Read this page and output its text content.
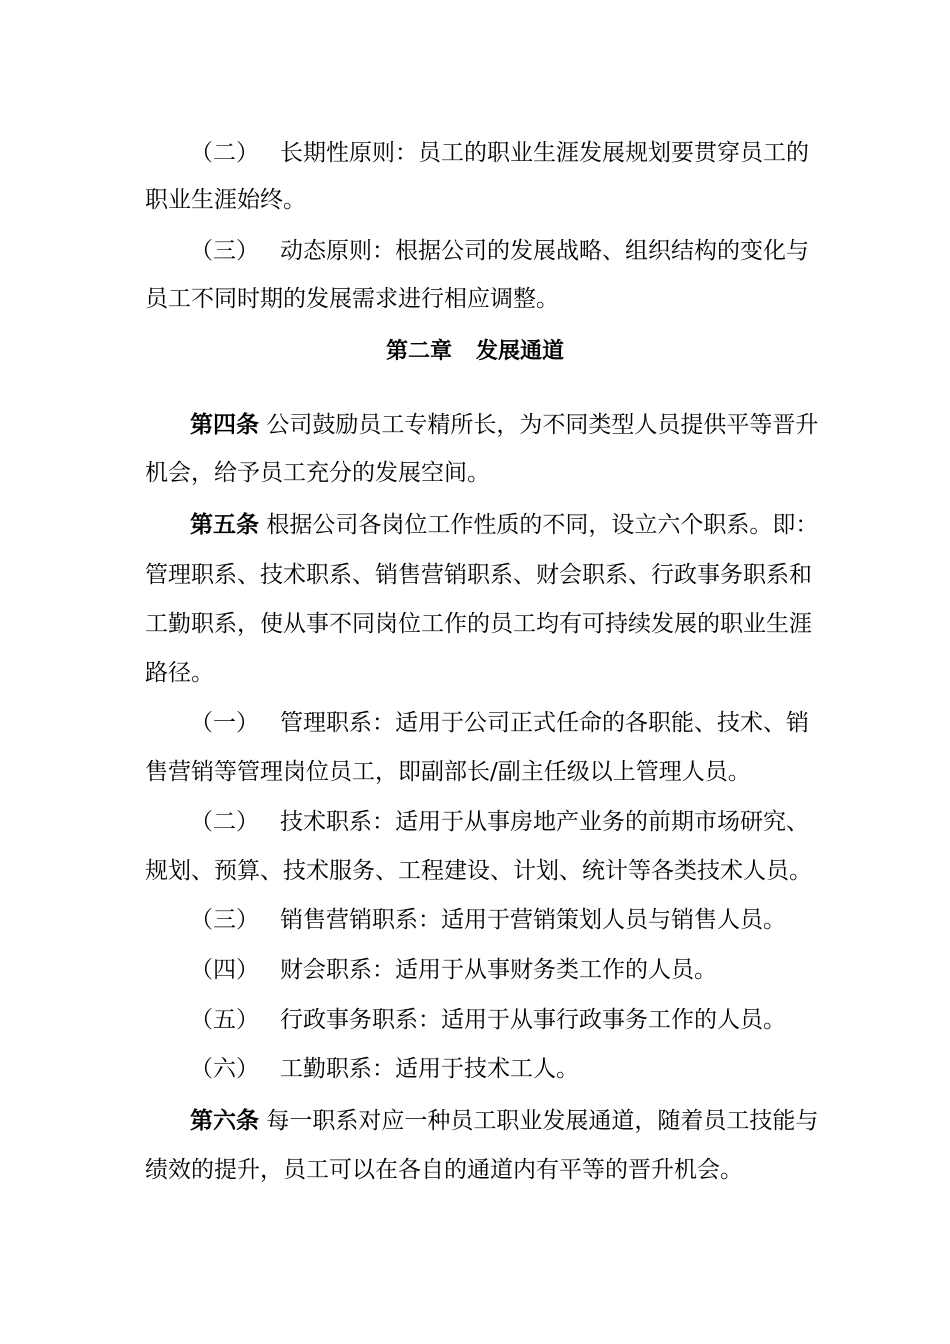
（二） 长期性原则：员工的职业生涯发展规划要贯穿员工的
职业生涯始终。
（三） 动态原则：根据公司的发展战略、组织结构的变化与
员工不同时期的发展需求进行相应调整。
第二章 发展通道
第四条 公司鼓励员工专精所长，为不同类型人员提供平等晋升
机会，给予员工充分的发展空间。
第五条 根据公司各岗位工作性质的不同，设立六个职系。即：
管理职系、技术职系、销售营销职系、财会职系、行政事务职系和
工勤职系，使从事不同岗位工作的员工均有可持续发展的职业生涯
路径。
（一） 管理职系：适用于公司正式任命的各职能、技术、销
售营销等管理岗位员工，即副部长/副主任级以上管理人员。
（二） 技术职系：适用于从事房地产业务的前期市场研究、
规划、预算、技术服务、工程建设、计划、统计等各类技术人员。
（三） 销售营销职系：适用于营销策划人员与销售人员。
（四） 财会职系：适用于从事财务类工作的人员。
（五） 行政事务职系：适用于从事行政事务工作的人员。
（六） 工勤职系：适用于技术工人。
第六条 每一职系对应一种员工职业发展通道，随着员工技能与
绩效的提升，员工可以在各自的通道内有平等的晋升机会。
